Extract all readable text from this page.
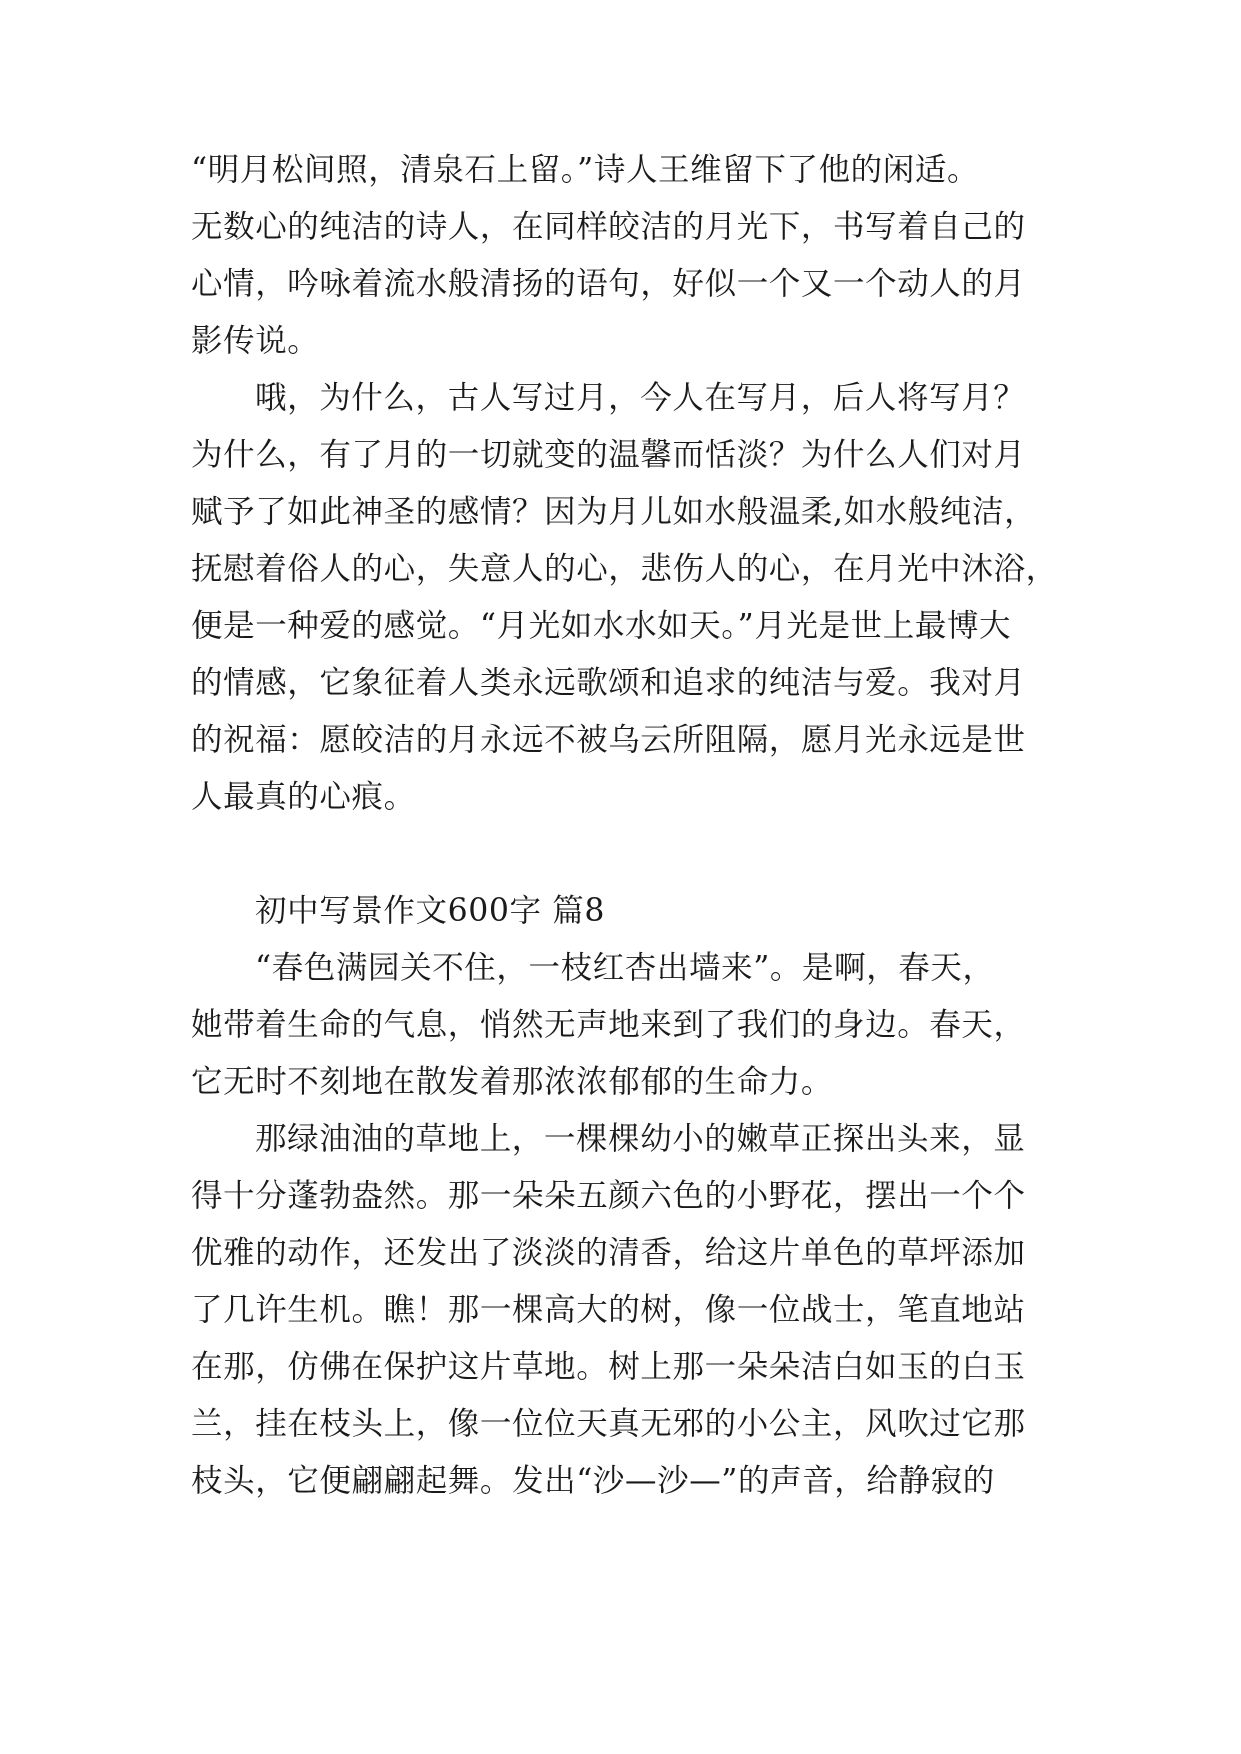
“明月松间照，清泉石上留。”诗人王维留下了他的闲适。
无数心的纯洁的诗人，在同样皎洁的月光下，书写着自己的
心情，吟咏着流水般清扬的语句，好似一个又一个动人的月
影传说。
哦，为什么，古人写过月，今人在写月，后人将写月？
为什么，有了月的一切就变的温馨而恬淡？为什么人们对月
赋予了如此神圣的感情？因为月儿如水般温柔,如水般纯洁，
抚慰着俗人的心，失意人的心，悲伤人的心，在月光中沐浴，
便是一种爱的感觉。“月光如水水如天。”月光是世上最博大
的情感，它象征着人类永远歌颂和追求的纯洁与爱。我对月
的祝福：愿皎洁的月永远不被乌云所阻隔，愿月光永远是世
人最真的心痕。
初中写景作文600字 篇8
“春色满园关不住，一枝红杏出墙来”。是啊，春天，
她带着生命的气息，悄然无声地来到了我们的身边。春天，
它无时不刻地在散发着那浓浓郁郁的生命力。
那绿油油的草地上，一棵棵幼小的嫩草正探出头来，显
得十分蓬勃盎然。那一朵朵五颜六色的小野花，摆出一个个
优雅的动作，还发出了淡淡的清香，给这片单色的草坪添加
了几许生机。瞧！那一棵高大的树，像一位战士，笔直地站
在那，仿佛在保护这片草地。树上那一朵朵洁白如玉的白玉
兰，挂在枝头上，像一位位天真无邪的小公主，风吹过它那
枝头，它便翩翩起舞。发出“沙—沙—”的声音，给静寂的
